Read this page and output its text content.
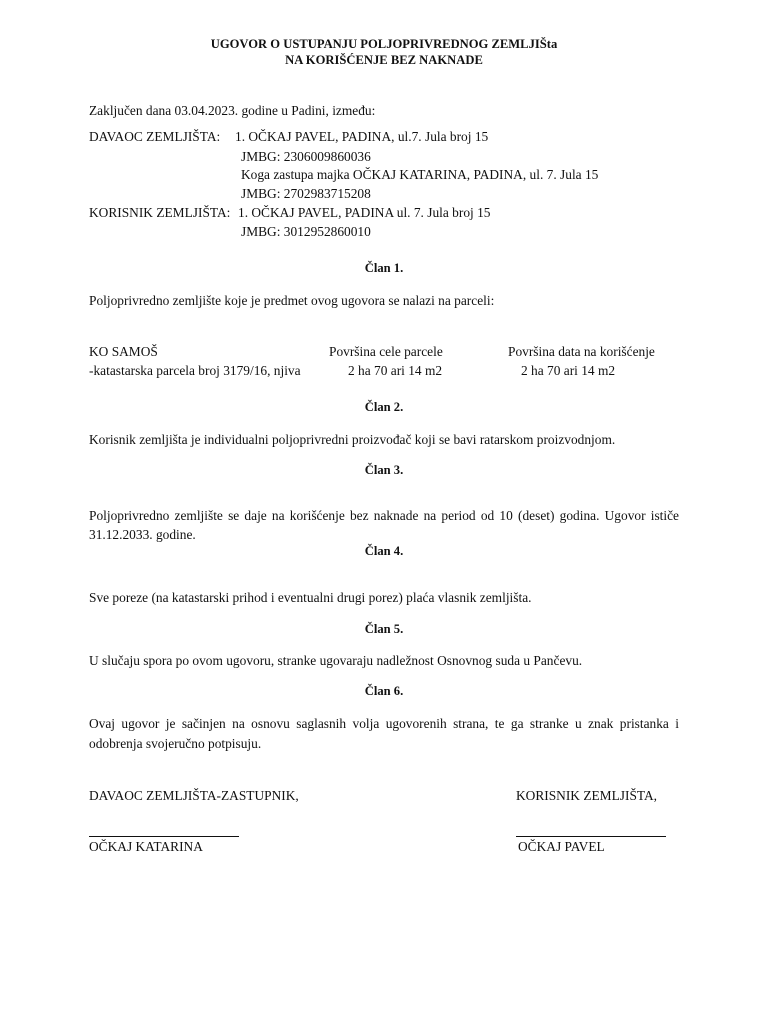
UGOVOR O USTUPANJU POLJOPRIVREDNOG ZEMLJIŠta
NA KORIŠĆENJE BEZ NAKNADE
Zaključen dana 03.04.2023. godine u Padini, između:
DAVAOC ZEMLJIŠTA: 1. OČKAJ PAVEL, PADINA, ul.7. Jula broj 15
JMBG: 2306009860036
Koga zastupa majka OČKAJ KATARINA, PADINA, ul. 7. Jula 15
JMBG: 2702983715208
KORISNIK ZEMLJIŠTA: 1. OČKAJ PAVEL, PADINA ul. 7. Jula broj 15
JMBG: 3012952860010
Član 1.
Poljoprivredno zemljište koje je predmet ovog ugovora se nalazi na parceli:
KO SAMOŠ	Površina cele parcele	Površina data na korišćenje
-katastarska parcela broj 3179/16, njiva	2 ha 70 ari 14 m2	2 ha 70 ari 14 m2
Član 2.
Korisnik zemljišta je individualni poljoprivredni proizvođač koji se bavi ratarskom proizvodnjom.
Član 3.
Poljoprivredno zemljište se daje na korišćenje bez naknade na period od 10 (deset) godina. Ugovor ističe
31.12.2033. godine.
Član 4.
Sve poreze (na katastarski prihod i eventualni drugi porez) plaća vlasnik zemljišta.
Član 5.
U slučaju spora po ovom ugovoru, stranke ugovaraju nadležnost Osnovnog suda u Pančevu.
Član 6.
Ovaj ugovor je sačinjen na osnovu saglasnih volja ugovorenih strana, te ga stranke u znak pristanka i
odobrenja svojeručno potpisuju.
DAVAOC ZEMLJIŠTA-ZASTUPNIK,	KORISNIK ZEMLJIŠTA,
OČKAJ KATARINA	OČKAJ PAVEL
